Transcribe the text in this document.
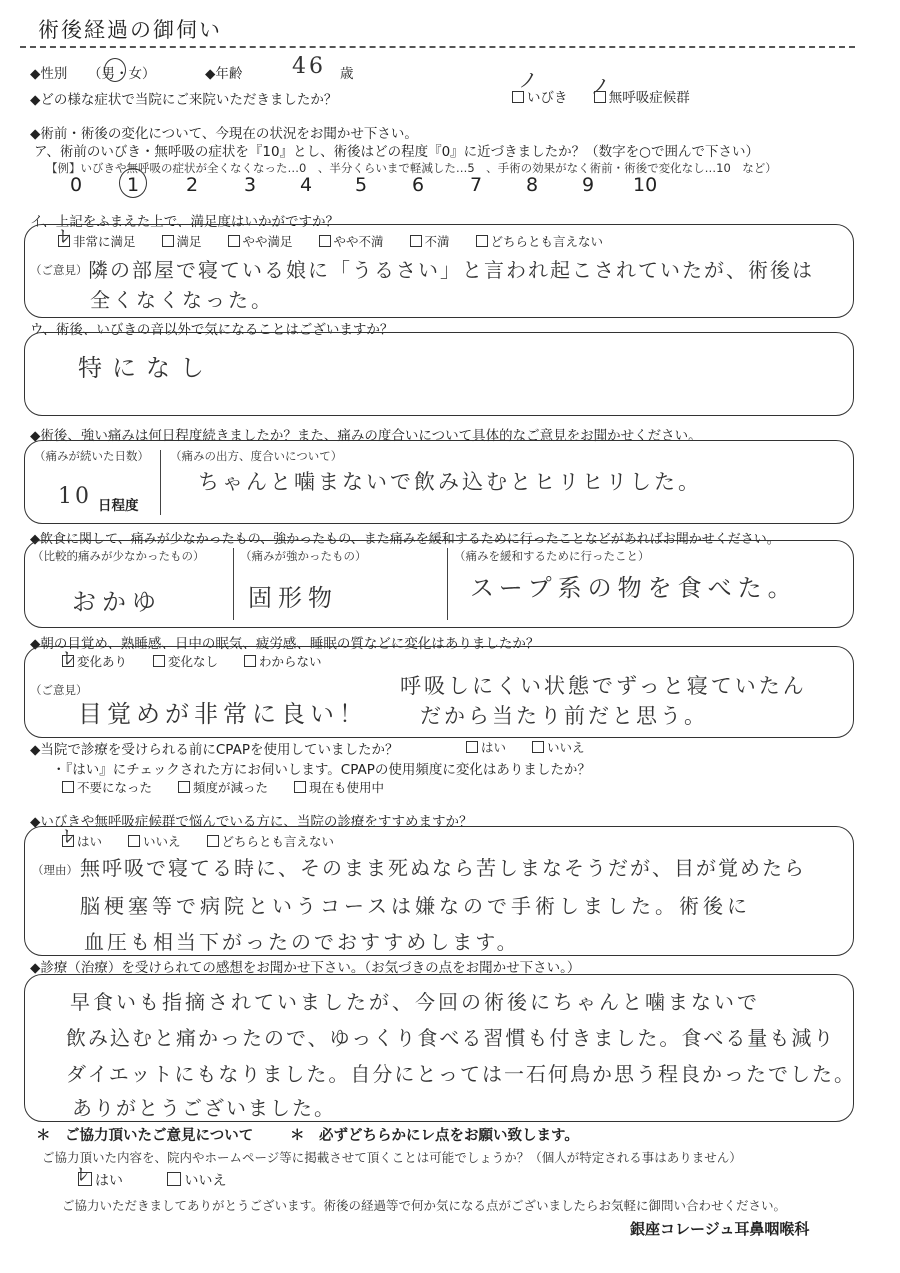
術後経過の御伺い
◆性別 （男・女）	◆年齢 46 歳
◆どの様な症状で当院にご来院いただきましたか？	いびき	無呼吸症候群
ノ	ノ
◆術前・術後の変化について、今現在の状況をお聞かせ下さい。
ア、術前のいびき・無呼吸の症状を『10』とし、術後はどの程度『0』に近づきましたか？（数字を○で囲んで下さい）
【例】いびきや無呼吸の症状が全くなくなった…0　、半分くらいまで軽減した…5　、手術の効果がなく術前・術後で変化なし…10　など）
0 1 2 3 4 5 6 7 8 9 10
イ、上記をふまえた上で、満足度はいかがですか？
非常に満足	満足	やや満足	やや不満	不満	どちらとも言えない
ﾚ
（ご意見） 隣の部屋で寝ている娘に「うるさい」と言われ起こされていたが、術後は
全くなくなった。
ウ、術後、いびきの音以外で気になることはございますか？
特になし
◆術後、強い痛みは何日程度続きましたか？また、痛みの度合いについて具体的なご意見をお聞かせください。
（痛みが続いた日数）
10 日程度
（痛みの出方、度合いについて）
ちゃんと噛まないで飲み込むとヒリヒリした。
◆飲食に関して、痛みが少なかったもの、強かったもの、また痛みを緩和するために行ったことなどがあればお聞かせください。
（比較的痛みが少なかったもの）
おかゆ
（痛みが強かったもの）
固形物
（痛みを緩和するために行ったこと）
スープ系の物を食べた。
◆朝の目覚め、熟睡感、日中の眠気、疲労感、睡眠の質などに変化はありましたか？
変化あり	変化なし	わからない
ﾚ
（ご意見）
目覚めが非常に良い！
呼吸しにくい状態でずっと寝ていたん
だから当たり前だと思う。
◆当院で診療を受けられる前にCPAPを使用していましたか？	はい	いいえ
・『はい』にチェックされた方にお伺いします。CPAPの使用頻度に変化はありましたか？
不要になった	頻度が減った	現在も使用中
◆いびきや無呼吸症候群で悩んでいる方に、当院の診療をすすめますか？
はい	いいえ	どちらとも言えない
ﾚ
（理由） 無呼吸で寝てる時に、そのまま死ぬなら苦しまなそうだが、目が覚めたら
脳梗塞等で病院というコースは嫌なので手術しました。術後に
血圧も相当下がったのでおすすめします。
◆診療（治療）を受けられての感想をお聞かせ下さい。（お気づきの点をお聞かせ下さい。）
早食いも指摘されていましたが、今回の術後にちゃんと噛まないで
飲み込むと痛かったので、ゆっくり食べる習慣も付きました。食べる量も減り
ダイエットにもなりました。自分にとっては一石何鳥か思う程良かったでした。
ありがとうございました。
＊　ご協力頂いたご意見について	＊　必ずどちらかにレ点をお願い致します。
ご協力頂いた内容を、院内やホームページ等に掲載させて頂くことは可能でしょうか？（個人が特定される事はありません）
はい	いいえ
ﾚ
ご協力いただきましてありがとうございます。術後の経過等で何か気になる点がございましたらお気軽に御問い合わせください。
銀座コレージュ耳鼻咽喉科
